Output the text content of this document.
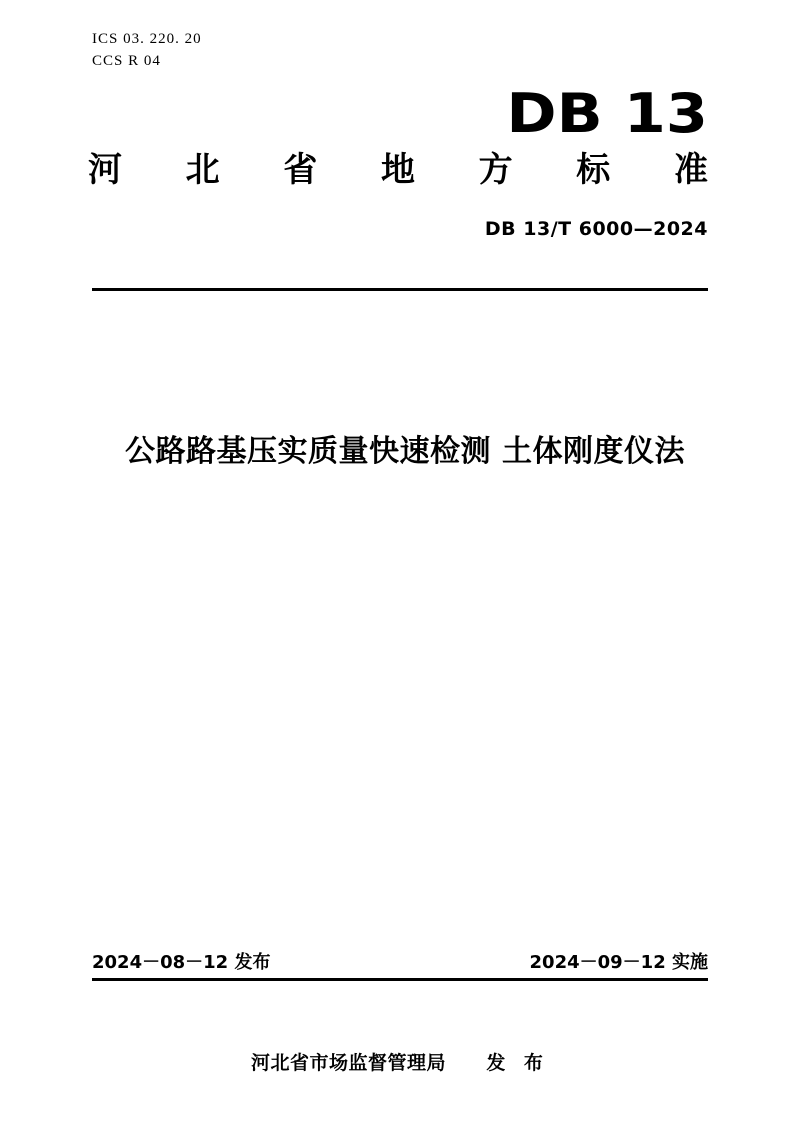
ICS 03. 220. 20
CCS R 04
DB 13
河 北 省 地 方 标 准
DB 13/T 6000—2024
公路路基压实质量快速检测 土体刚度仪法
2024－08－12 发布	2024－09－12 实施
河北省市场监督管理局 发 布
